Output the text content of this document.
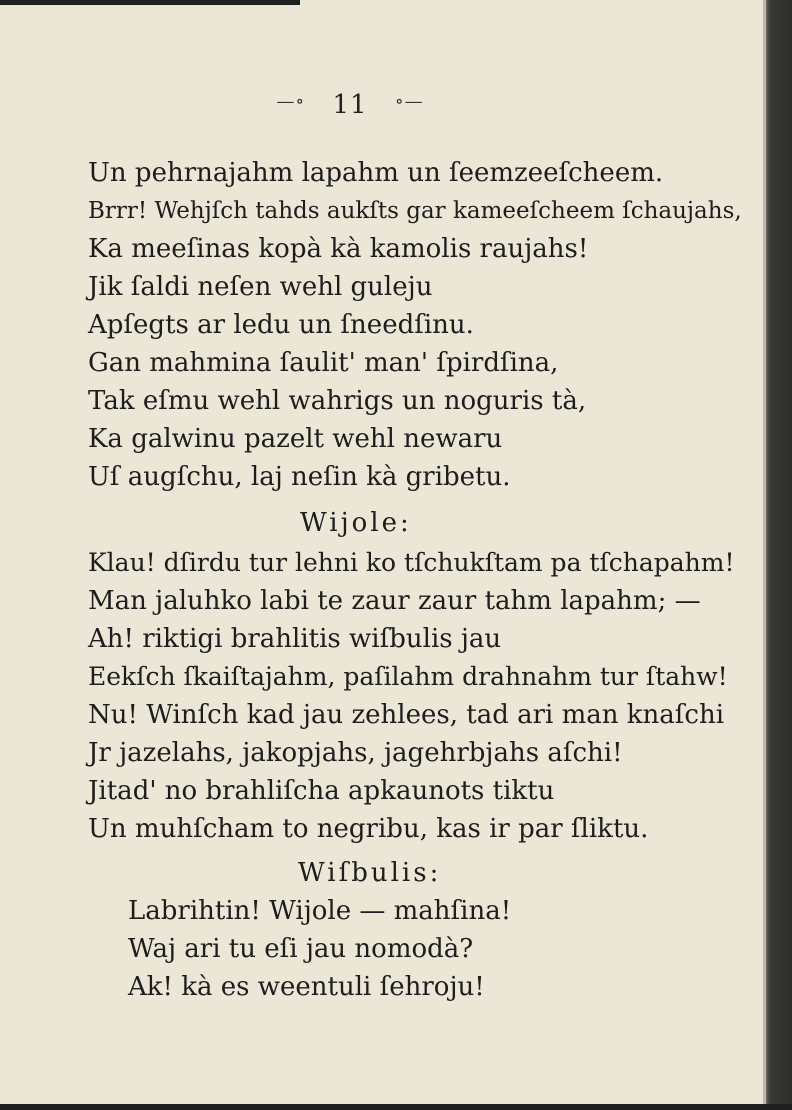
—∘ 11 ∘—
Un pehrnajahm lapahm un ſeemzeeſcheem.
Brrr! Wehjſch tahds aukſts gar kameeſcheem ſchaujahs,
Ka meeſinas kopà kà kamolis raujahs!
Jik ſaldi neſen wehl guleju
Apſegts ar ledu un ſneedſinu.
Gan mahmina ſaulit' man' ſpirdſina,
Tak eſmu wehl wahrigs un noguris tà,
Ka galwinu pazelt wehl newaru
Uſ augſchu, laj neſin kà gribetu.
Wijole:
Klau! dſirdu tur lehni ko tſchukſtam pa tſchapahm!
Man jaluhko labi te zaur zaur tahm lapahm; —
Ah! riktigi brahlitis wiſbulis jau
Eekſch ſkaiſtajahm, paſilahm drahnahm tur ſtahw!
Nu! Winſch kad jau zehlees, tad ari man knaſchi
Jr jazelahs, jakopjahs, jagehrbjahs aſchi!
Jitad' no brahliſcha apkaunots tiktu
Un muhſcham to negribu, kas ir par ſliktu.
Wiſbulis:
Labrihtin! Wijole — mahſina!
Waj ari tu eſi jau nomodà?
Ak! kà es weentuli ſehroju!
